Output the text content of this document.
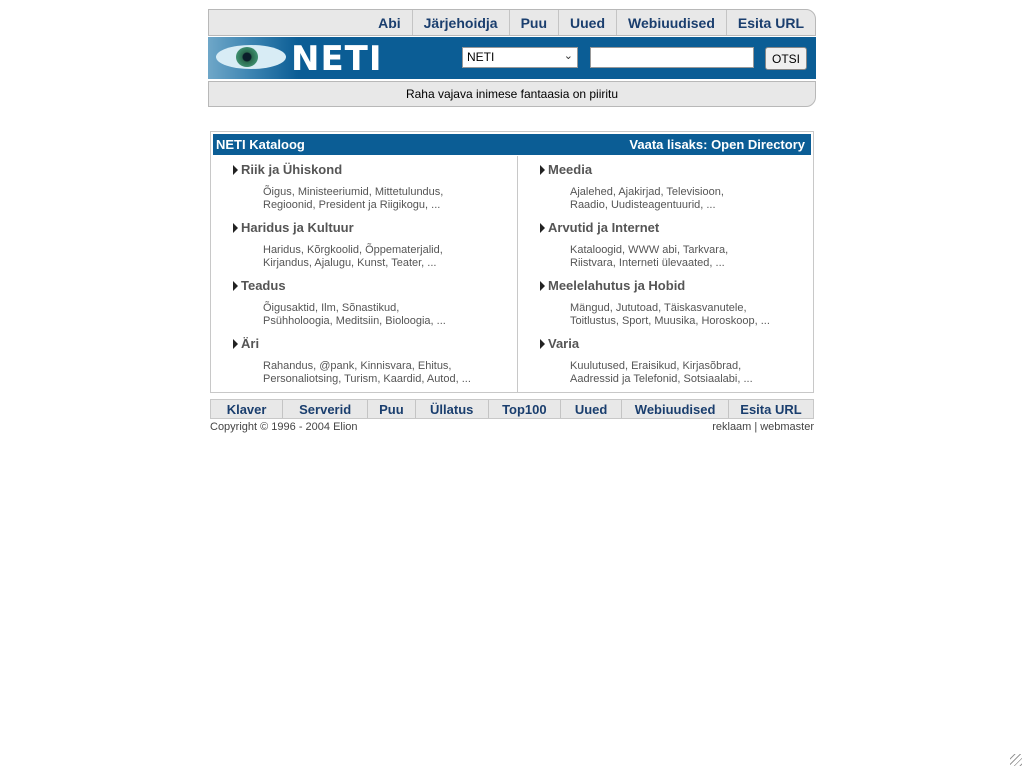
Abi	Järjehoidja	Puu	Uued	Webiuudised	Esita URL
NETI	NETI	⌄	OTSI
Raha vajava inimese fantaasia on piiritu
NETI Kataloog	Vaata lisaks: Open Directory
Riik ja Ühiskond
Õigus, Ministeeriumid, Mittetulundus,
Regioonid, President ja Riigikogu, ...
Haridus ja Kultuur
Haridus, Kõrgkoolid, Õppematerjalid,
Kirjandus, Ajalugu, Kunst, Teater, ...
Teadus
Õigusaktid, Ilm, Sõnastikud,
Psühholoogia, Meditsiin, Bioloogia, ...
Äri
Rahandus, @pank, Kinnisvara, Ehitus,
Personaliotsing, Turism, Kaardid, Autod, ...
Meedia
Ajalehed, Ajakirjad, Televisioon,
Raadio, Uudisteagentuurid, ...
Arvutid ja Internet
Kataloogid, WWW abi, Tarkvara,
Riistvara, Interneti ülevaated, ...
Meelelahutus ja Hobid
Mängud, Jututoad, Täiskasvanutele,
Toitlustus, Sport, Muusika, Horoskoop, ...
Varia
Kuulutused, Eraisikud, Kirjasõbrad,
Aadressid ja Telefonid, Sotsiaalabi, ...
Klaver	Serverid	Puu	Üllatus	Top100	Uued	Webiuudised	Esita URL
Copyright © 1996 - 2004 Elion	reklaam | webmaster
